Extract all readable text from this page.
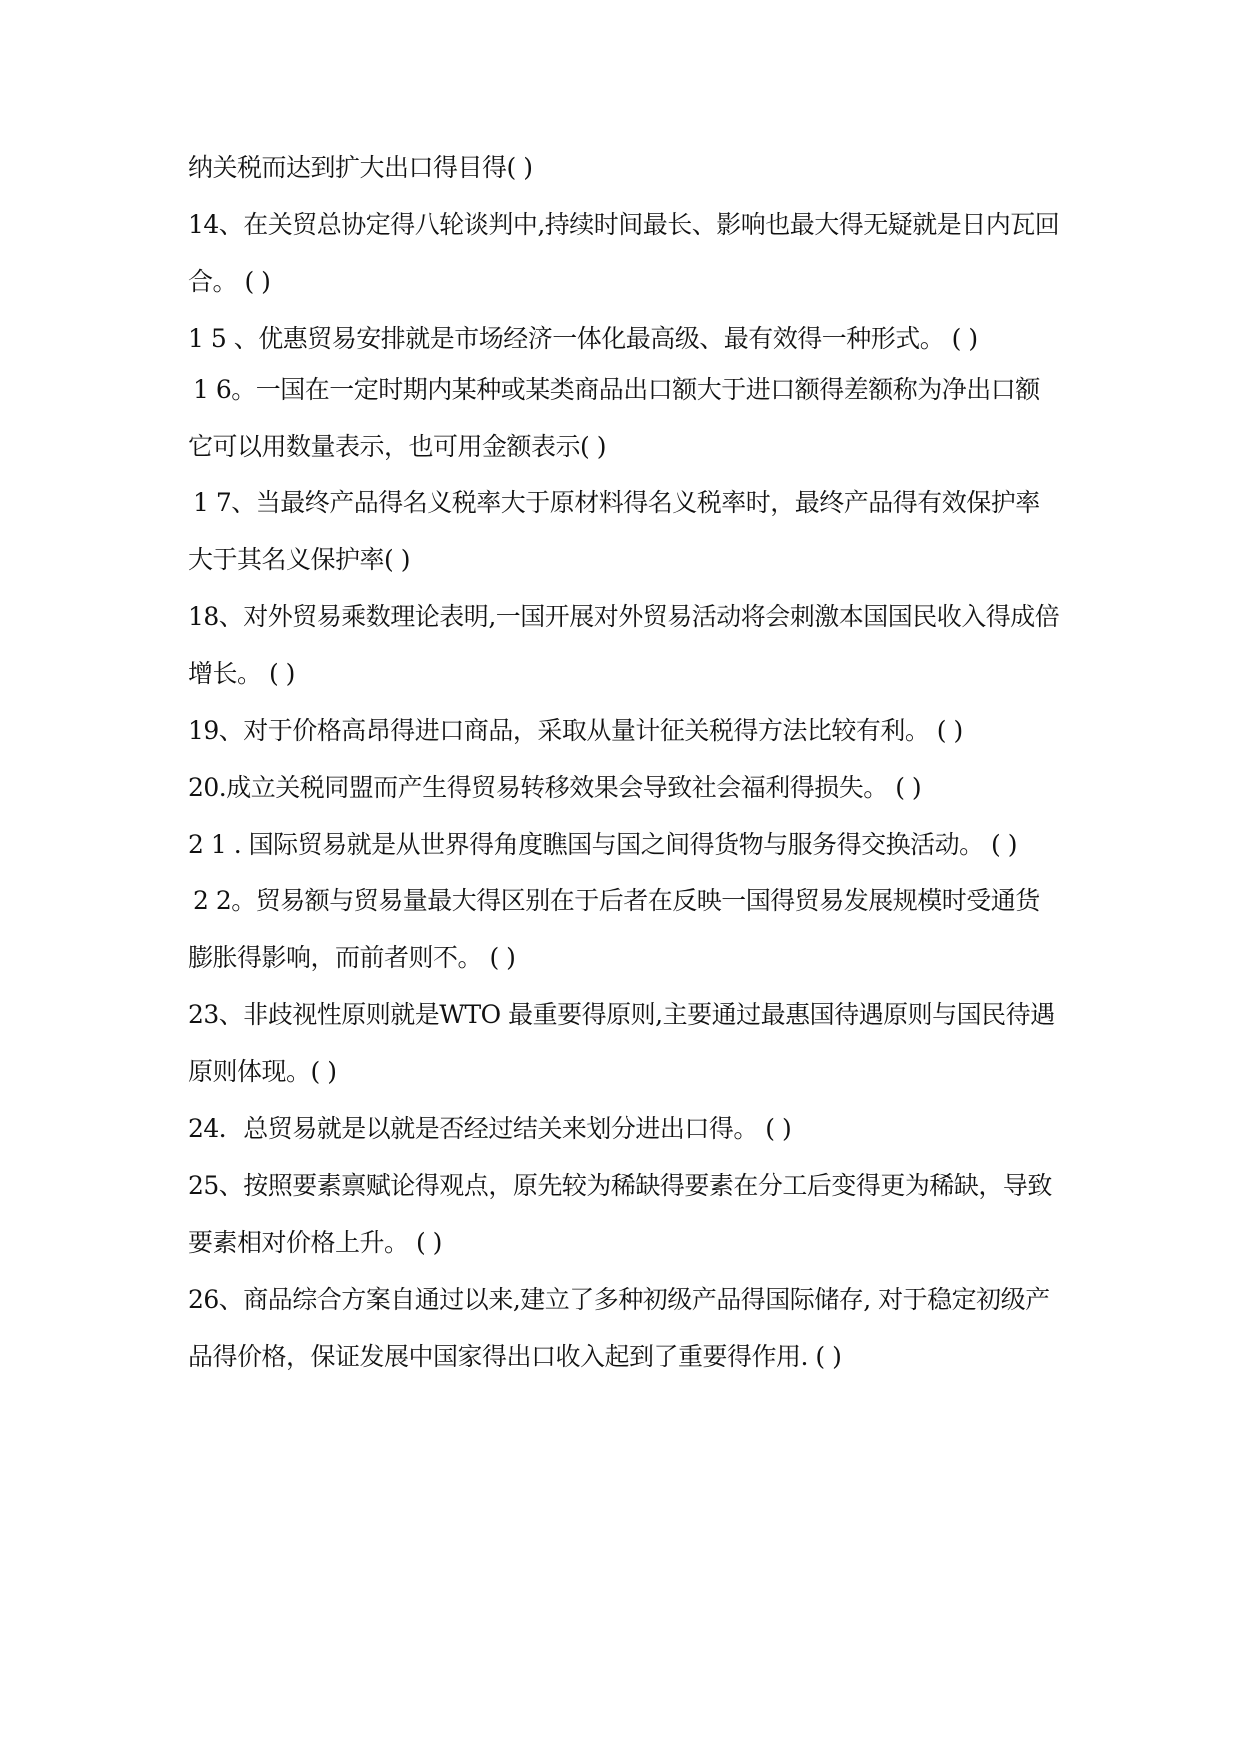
纳关税而达到扩大出口得目得( )
14、在关贸总协定得八轮谈判中,持续时间最长、影响也最大得无疑就是日内瓦回
合。 ( )
1 5 、优惠贸易安排就是市场经济一体化最高级、最有效得一种形式。 ( )
1 6。一国在一定时期内某种或某类商品出口额大于进口额得差额称为净出口额
它可以用数量表示，也可用金额表示( )
1 7、当最终产品得名义税率大于原材料得名义税率时，最终产品得有效保护率
大于其名义保护率( )
18、对外贸易乘数理论表明,一国开展对外贸易活动将会刺激本国国民收入得成倍
增长。 ( )
19、对于价格高昂得进口商品，采取从量计征关税得方法比较有利。 ( )
20.成立关税同盟而产生得贸易转移效果会导致社会福利得损失。 ( )
2 1 . 国际贸易就是从世界得角度瞧国与国之间得货物与服务得交换活动。 ( )
2 2。贸易额与贸易量最大得区别在于后者在反映一国得贸易发展规模时受通货
膨胀得影响，而前者则不。 ( )
23、非歧视性原则就是WTO 最重要得原则,主要通过最惠国待遇原则与国民待遇
原则体现。( )
24．总贸易就是以就是否经过结关来划分进出口得。 ( )
25、按照要素禀赋论得观点，原先较为稀缺得要素在分工后变得更为稀缺，导致
要素相对价格上升。 ( )
26、商品综合方案自通过以来,建立了多种初级产品得国际储存, 对于稳定初级产
品得价格，保证发展中国家得出口收入起到了重要得作用. ( )
